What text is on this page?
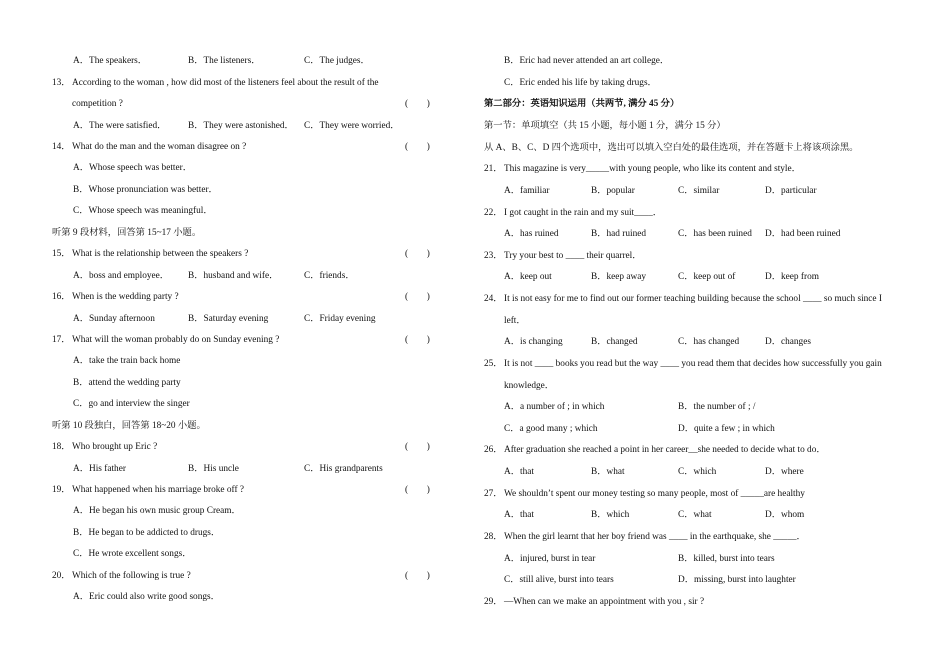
A．The speakers．	B．The listeners．	C．The judges．
13．According to the woman , how did most of the listeners feel about the result of the
competition ?	(　　)
A．The were satisfied． B．They were astonished． C．They were worried．
14．What do the man and the woman disagree on ?	(　　)
A．Whose speech was better．
B．Whose pronunciation was better．
C．Whose speech was meaningful．
听第 9 段材料，回答第 15~17 小题。
15．What is the relationship between the speakers ?	(　　)
A．boss and employee． B．husband and wife．	C．friends．
16．When is the wedding party ?	(　　)
A．Sunday afternoon	B．Saturday evening	C．Friday evening
17．What will the woman probably do on Sunday evening ?	(　　)
A．take the train back home
B．attend the wedding party
C．go and interview the singer
听第 10 段独白，回答第 18~20 小题。
18．Who brought up Eric ?	(　　)
A．His father	B．His uncle	C．His grandparents
19．What happened when his marriage broke off ?	(　　)
A．He began his own music group Cream．
B．He began to be addicted to drugs．
C．He wrote excellent songs．
20．Which of the following is true ?	(　　)
A．Eric could also write good songs．
B．Eric had never attended an art college．
C．Eric ended his life by taking drugs．
第二部分：英语知识运用（共两节, 满分 45 分）
第一节：单项填空（共 15 小题，每小题 1 分，满分 15 分）
从 A、B、C、D 四个选项中，选出可以填入空白处的最佳选项，并在答题卡上将该项涂黑。
21．This magazine is very_____with young people, who like its content and style．
A．familiar	B．popular	C．similar	D．particular
22．I got caught in the rain and my suit____．
A．has ruined	B．had ruined	C．has been ruined D．had been ruined
23．Try your best to ____ their quarrel．
A．keep out	B．keep away	C．keep out of	D．keep from
24．It is not easy for me to find out our former teaching building because the school ____ so much since I
left．
A．is changing	B．changed	C．has changed	D．changes
25．It is not ____ books you read but the way ____ you read them that decides how successfully you gain
knowledge．
A．a number of ; in which	B．the number of ; /
C．a good many ; which	D．quite a few ; in which
26．After graduation she reached a point in her career__she needed to decide what to do．
A．that	B．what	C．which	D．where
27．We shouldn’t spent our money testing so many people, most of _____are healthy
A．that	B．which	C．what	D．whom
28．When the girl learnt that her boy friend was ____ in the earthquake, she _____．
A．injured, burst in tear	B．killed, burst into tears
C．still alive, burst into tears	D．missing, burst into laughter
29．—When can we make an appointment with you , sir ?
